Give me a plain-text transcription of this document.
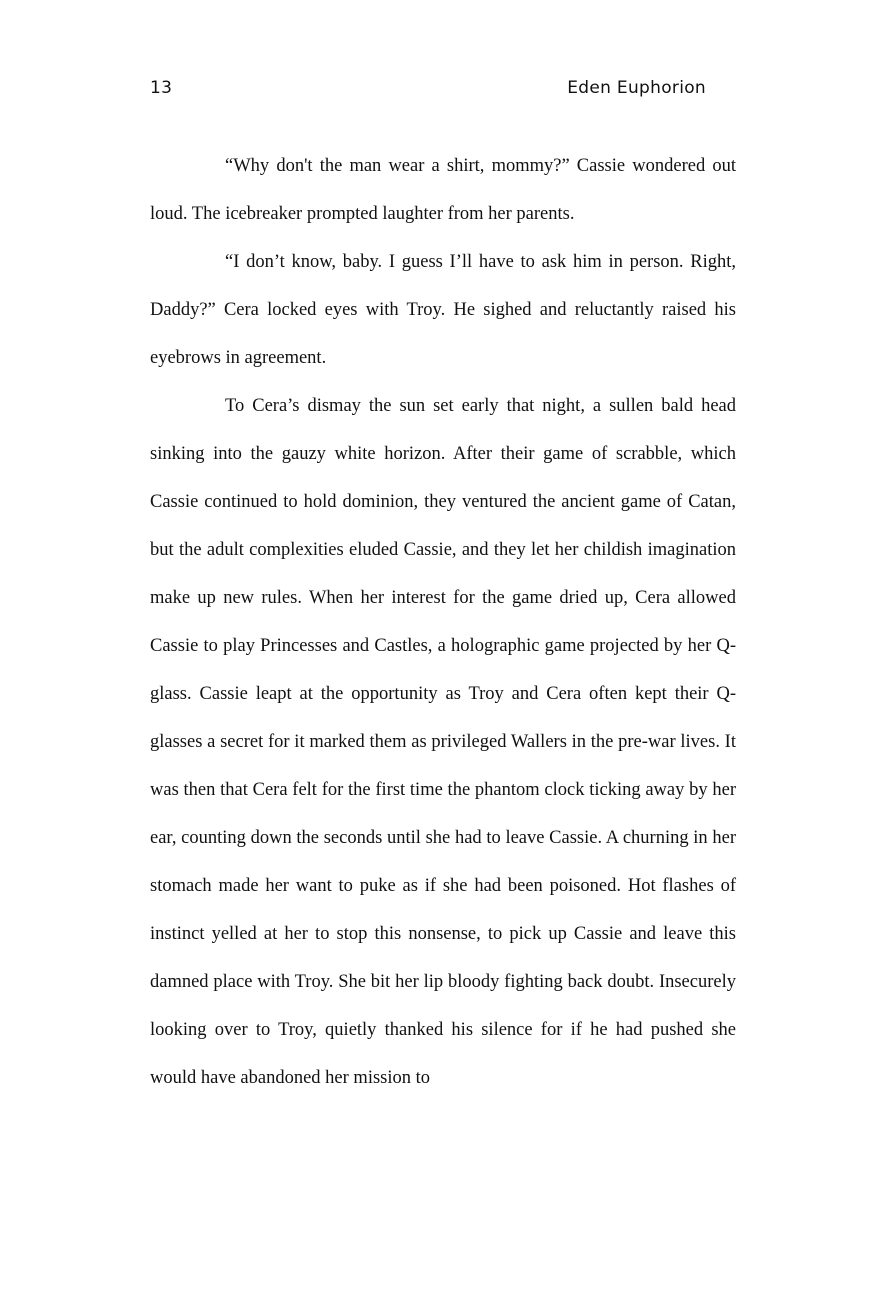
13	Eden Euphorion

“Why don't the man wear a shirt, mommy?” Cassie wondered out loud. The icebreaker prompted laughter from her parents.

“I don’t know, baby. I guess I’ll have to ask him in person. Right, Daddy?” Cera locked eyes with Troy. He sighed and reluctantly raised his eyebrows in agreement.

To Cera’s dismay the sun set early that night, a sullen bald head sinking into the gauzy white horizon. After their game of scrabble, which Cassie continued to hold dominion, they ventured the ancient game of Catan, but the adult complexities eluded Cassie, and they let her childish imagination make up new rules. When her interest for the game dried up, Cera allowed Cassie to play Princesses and Castles, a holographic game projected by her Q-glass. Cassie leapt at the opportunity as Troy and Cera often kept their Q-glasses a secret for it marked them as privileged Wallers in the pre-war lives. It was then that Cera felt for the first time the phantom clock ticking away by her ear, counting down the seconds until she had to leave Cassie. A churning in her stomach made her want to puke as if she had been poisoned. Hot flashes of instinct yelled at her to stop this nonsense, to pick up Cassie and leave this damned place with Troy. She bit her lip bloody fighting back doubt. Insecurely looking over to Troy, quietly thanked his silence for if he had pushed she would have abandoned her mission to
